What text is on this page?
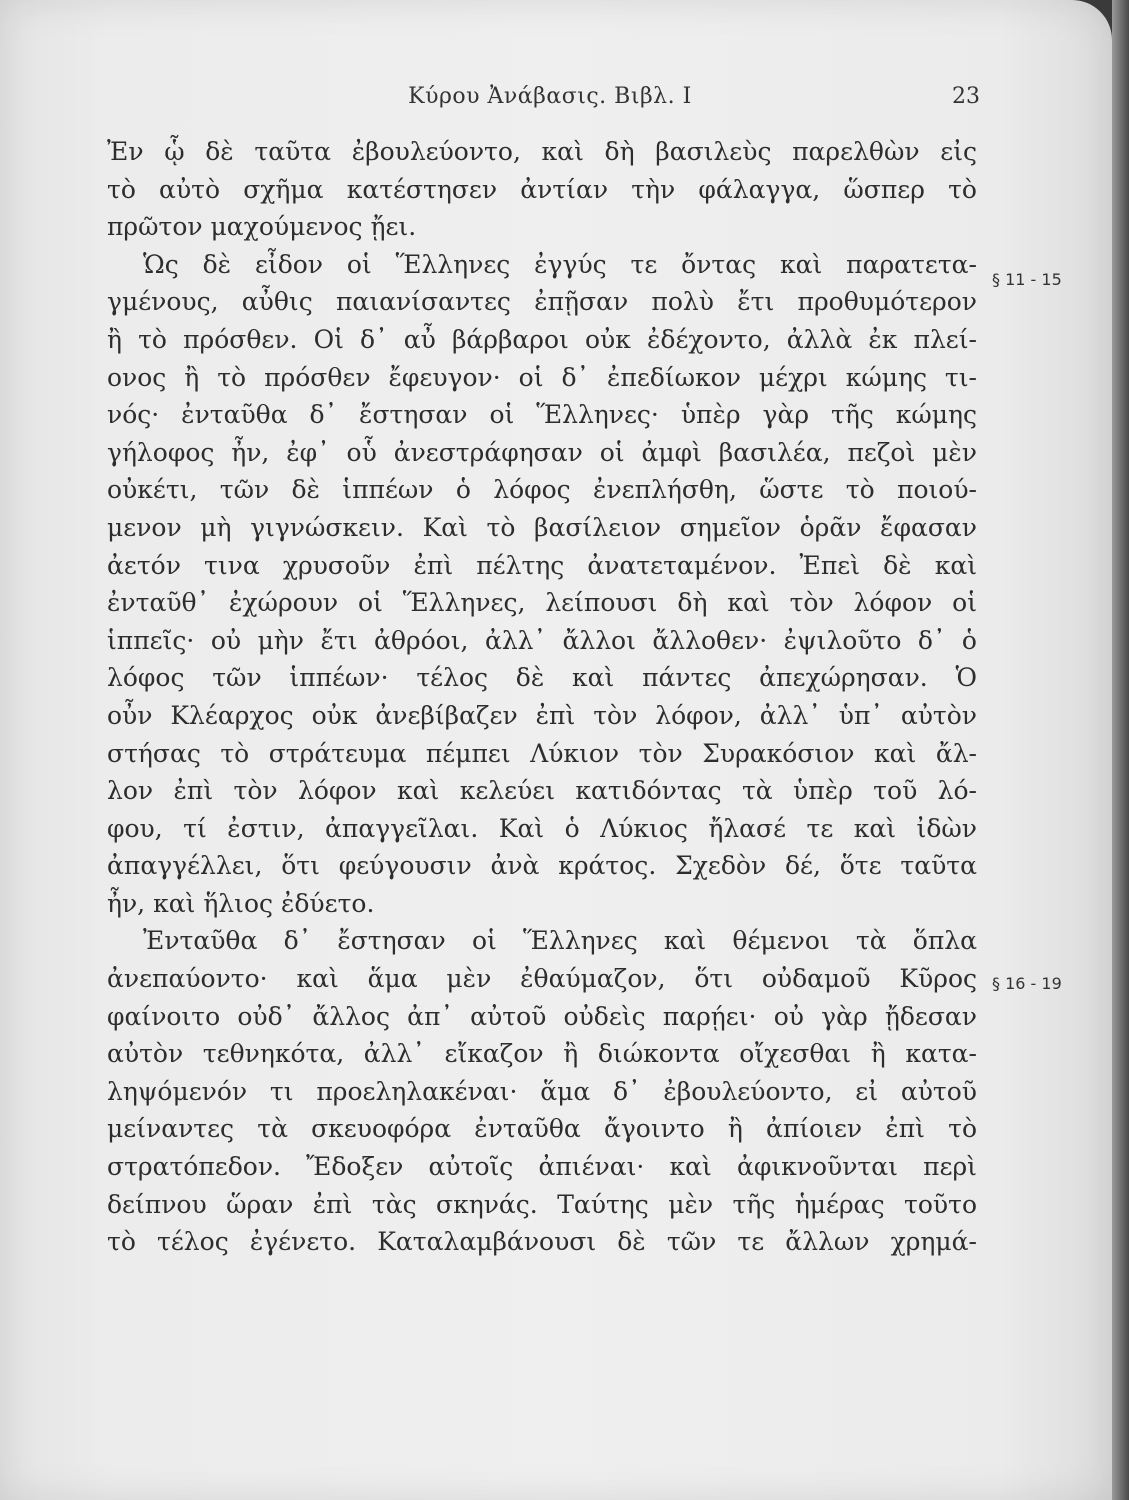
Κύρου Ἀνάβασις. Βιβλ. Ι	23
Ἐν ᾧ δὲ ταῦτα ἐβουλεύοντο, καὶ δὴ βασιλεὺς παρελθὼν εἰς
τὸ αὐτὸ σχῆμα κατέστησεν ἀντίαν τὴν φάλαγγα, ὥσπερ τὸ
πρῶτον μαχούμενος ᾔει.
Ὡς δὲ εἶδον οἱ Ἕλληνες ἐγγύς τε ὄντας καὶ παρατετα-
γμένους, αὖθις παιανίσαντες ἐπῇσαν πολὺ ἔτι προθυμότερον
ἢ τὸ πρόσθεν. Οἱ δ᾽ αὖ βάρβαροι οὐκ ἐδέχοντο, ἀλλὰ ἐκ πλεί-
ονος ἢ τὸ πρόσθεν ἔφευγον· οἱ δ᾽ ἐπεδίωκον μέχρι κώμης τι-
νός· ἐνταῦθα δ᾽ ἔστησαν οἱ Ἕλληνες· ὑπὲρ γὰρ τῆς κώμης
γήλοφος ἦν, ἐφ᾽ οὗ ἀνεστράφησαν οἱ ἀμφὶ βασιλέα, πεζοὶ μὲν
οὐκέτι, τῶν δὲ ἱππέων ὁ λόφος ἐνεπλήσθη, ὥστε τὸ ποιού-
μενον μὴ γιγνώσκειν. Καὶ τὸ βασίλειον σημεῖον ὁρᾶν ἔφασαν
ἀετόν τινα χρυσοῦν ἐπὶ πέλτης ἀνατεταμένον. Ἐπεὶ δὲ καὶ
ἐνταῦθ᾽ ἐχώρουν οἱ Ἕλληνες, λείπουσι δὴ καὶ τὸν λόφον οἱ
ἱππεῖς· οὐ μὴν ἔτι ἀθρόοι, ἀλλ᾽ ἄλλοι ἄλλοθεν· ἐψιλοῦτο δ᾽ ὁ
λόφος τῶν ἱππέων· τέλος δὲ καὶ πάντες ἀπεχώρησαν. Ὁ
οὖν Κλέαρχος οὐκ ἀνεβίβαζεν ἐπὶ τὸν λόφον, ἀλλ᾽ ὑπ᾽ αὐτὸν
στήσας τὸ στράτευμα πέμπει Λύκιον τὸν Συρακόσιον καὶ ἄλ-
λον ἐπὶ τὸν λόφον καὶ κελεύει κατιδόντας τὰ ὑπὲρ τοῦ λό-
φου, τί ἐστιν, ἀπαγγεῖλαι. Καὶ ὁ Λύκιος ἤλασέ τε καὶ ἰδὼν
ἀπαγγέλλει, ὅτι φεύγουσιν ἀνὰ κράτος. Σχεδὸν δέ, ὅτε ταῦτα
ἦν, καὶ ἥλιος ἐδύετο.
Ἐνταῦθα δ᾽ ἔστησαν οἱ Ἕλληνες καὶ θέμενοι τὰ ὅπλα
ἀνεπαύοντο· καὶ ἅμα μὲν ἐθαύμαζον, ὅτι οὐδαμοῦ Κῦρος
φαίνοιτο οὐδ᾽ ἄλλος ἀπ᾽ αὐτοῦ οὐδεὶς παρῄει· οὐ γὰρ ᾔδεσαν
αὐτὸν τεθνηκότα, ἀλλ᾽ εἴκαζον ἢ διώκοντα οἴχεσθαι ἢ κατα-
ληψόμενόν τι προεληλακέναι· ἅμα δ᾽ ἐβουλεύοντο, εἰ αὐτοῦ
μείναντες τὰ σκευοφόρα ἐνταῦθα ἄγοιντο ἢ ἀπίοιεν ἐπὶ τὸ
στρατόπεδον. Ἔδοξεν αὐτοῖς ἀπιέναι· καὶ ἀφικνοῦνται περὶ
δείπνου ὥραν ἐπὶ τὰς σκηνάς. Ταύτης μὲν τῆς ἡμέρας τοῦτο
τὸ τέλος ἐγένετο. Καταλαμβάνουσι δὲ τῶν τε ἄλλων χρημά-
§ 11 - 15
§ 16 - 19
